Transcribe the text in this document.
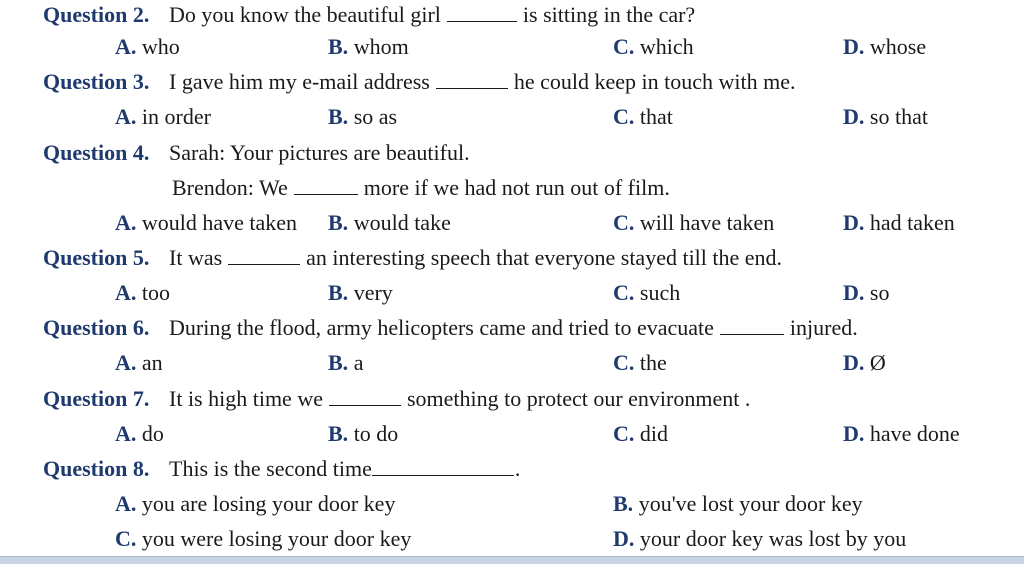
Question 2. Do you know the beautiful girl	is sitting in the car?
A. who	B. whom	C. which	D. whose
Question 3. I gave him my e-mail address	he could keep in touch with me.
A. in order	B. so as	C. that	D. so that
Question 4. Sarah: Your pictures are beautiful.
Brendon: We	more if we had not run out of film.
A. would have taken B. would take	C. will have taken	D. had taken
Question 5. It was	an interesting speech that everyone stayed till the end.
A. too	B. very	C. such	D. so
Question 6. During the flood, army helicopters came and tried to evacuate	injured.
A. an	B. a	C. the	D. Ø
Question 7. It is high time we	something to protect our environment .
A. do	B. to do	C. did	D. have done
Question 8. This is the second time	.
A. you are losing your door key	B. you've lost your door key
C. you were losing your door key	D. your door key was lost by you
